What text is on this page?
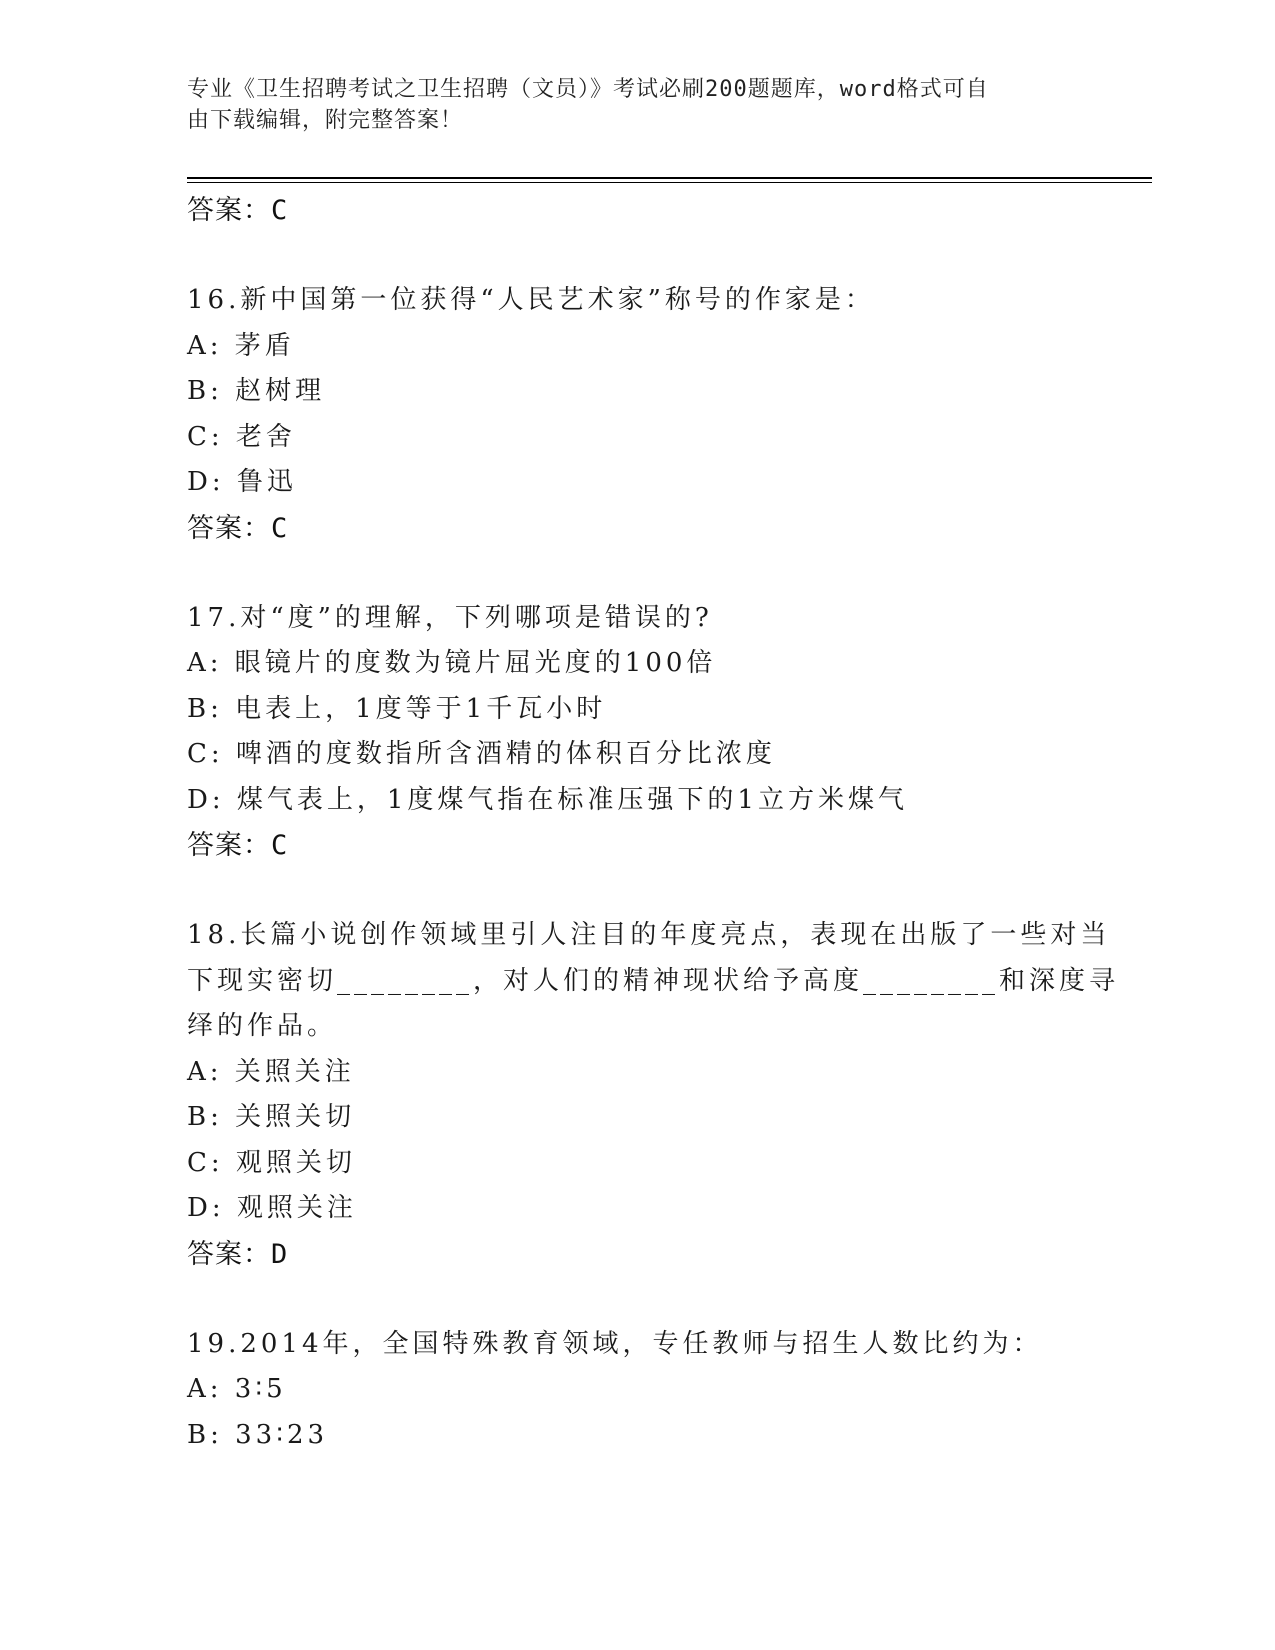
专业《卫生招聘考试之卫生招聘（文员）》考试必刷200题题库，word格式可自
由下载编辑，附完整答案！
答案：C
16.新中国第一位获得“人民艺术家”称号的作家是：
A: 茅盾
B: 赵树理
C: 老舍
D: 鲁迅
答案：C
17.对“度”的理解，下列哪项是错误的?
A: 眼镜片的度数为镜片屈光度的100倍
B: 电表上，1度等于1千瓦小时
C: 啤酒的度数指所含酒精的体积百分比浓度
D: 煤气表上，1度煤气指在标准压强下的1立方米煤气
答案：C
18.长篇小说创作领域里引人注目的年度亮点，表现在出版了一些对当
下现实密切________，对人们的精神现状给予高度________和深度寻
绎的作品。
A: 关照关注
B: 关照关切
C: 观照关切
D: 观照关注
答案：D
19.2014年，全国特殊教育领域，专任教师与招生人数比约为：
A: 3∶5
B: 33∶23
